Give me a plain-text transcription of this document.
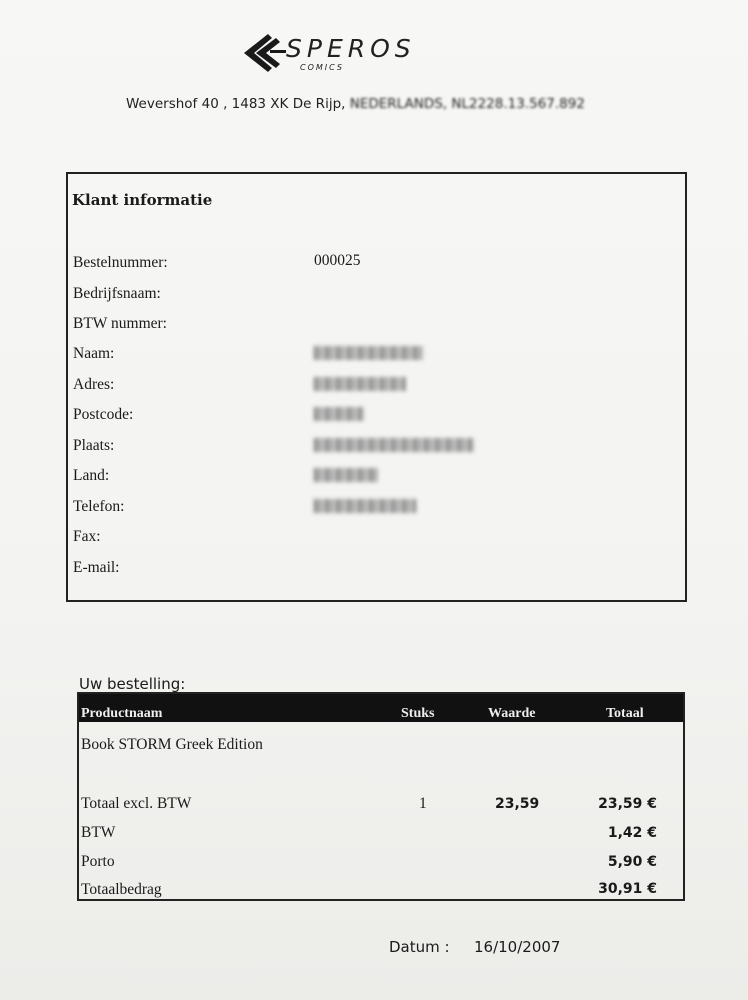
SPEROS
COMICS
Wevershof 40 , 1483 XK De Rijp, NEDERLANDS, NL2228.13.567.892
Klant informatie
Bestelnummer:	000025
Bedrijfsnaam:
BTW nummer:
Naam:
Adres:
Postcode:
Plaats:
Land:
Telefon:
Fax:
E-mail:
Uw bestelling:
Productnaam	Stuks	Waarde	Totaal
Book STORM Greek Edition
Totaal excl. BTW	1	23,59	23,59 €
BTW	1,42 €
Porto	5,90 €
Totaalbedrag	30,91 €
Datum : 16/10/2007
